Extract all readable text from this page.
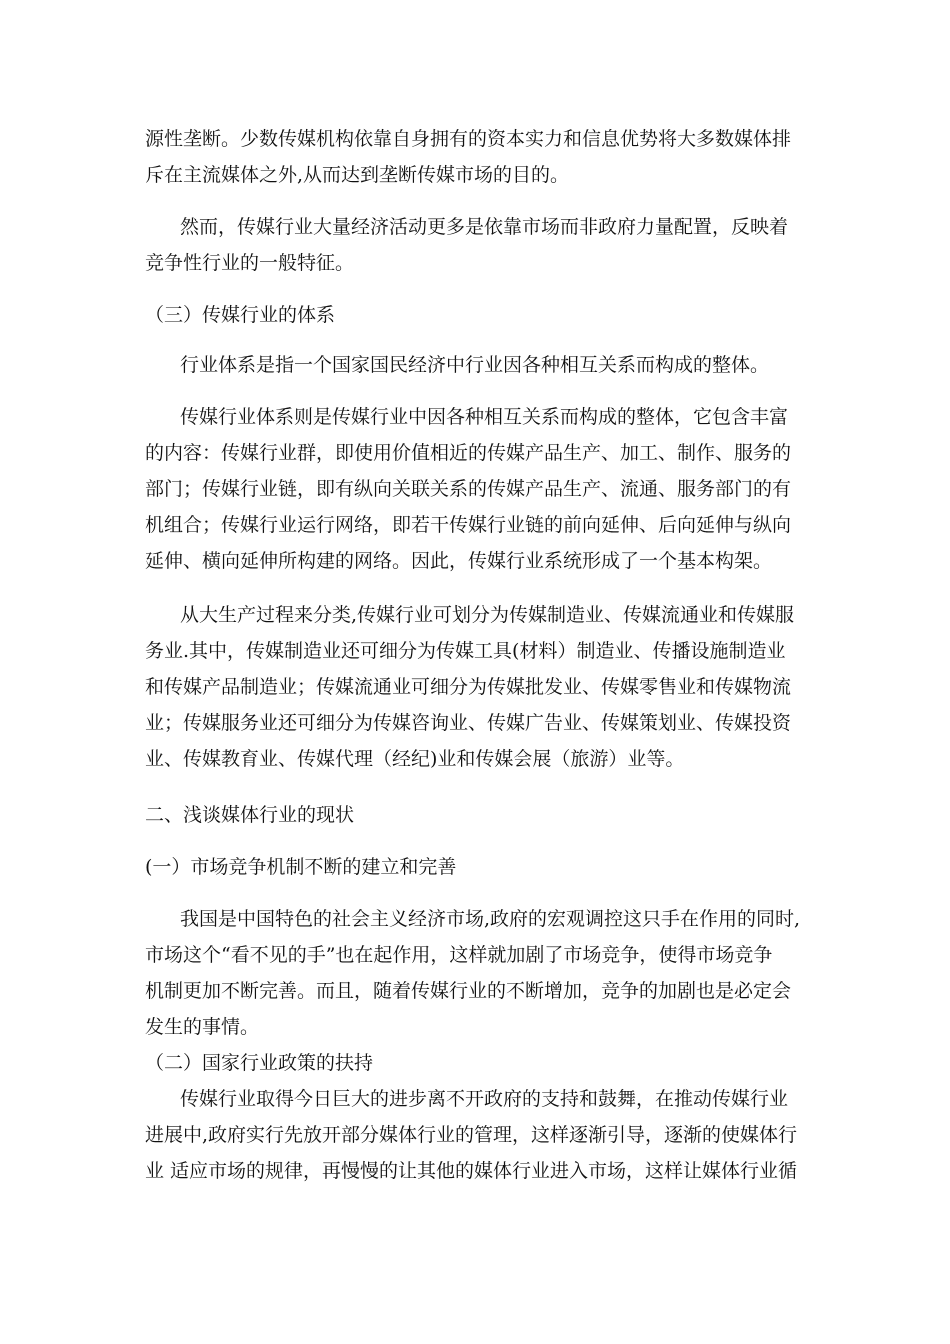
源性垄断。少数传媒机构依靠自身拥有的资本实力和信息优势将大多数媒体排
斥在主流媒体之外,从而达到垄断传媒市场的目的。
然而，传媒行业大量经济活动更多是依靠市场而非政府力量配置，反映着
竞争性行业的一般特征。
（三）传媒行业的体系
行业体系是指一个国家国民经济中行业因各种相互关系而构成的整体。
传媒行业体系则是传媒行业中因各种相互关系而构成的整体，它包含丰富
的内容：传媒行业群，即使用价值相近的传媒产品生产、加工、制作、服务的
部门；传媒行业链，即有纵向关联关系的传媒产品生产、流通、服务部门的有
机组合；传媒行业运行网络，即若干传媒行业链的前向延伸、后向延伸与纵向
延伸、横向延伸所构建的网络。因此，传媒行业系统形成了一个基本构架。
从大生产过程来分类,传媒行业可划分为传媒制造业、传媒流通业和传媒服
务业.其中，传媒制造业还可细分为传媒工具(材料）制造业、传播设施制造业
和传媒产品制造业；传媒流通业可细分为传媒批发业、传媒零售业和传媒物流
业；传媒服务业还可细分为传媒咨询业、传媒广告业、传媒策划业、传媒投资
业、传媒教育业、传媒代理（经纪)业和传媒会展（旅游）业等。
二、浅谈媒体行业的现状
(一）市场竞争机制不断的建立和完善
我国是中国特色的社会主义经济市场,政府的宏观调控这只手在作用的同时,
市场这个“看不见的手”也在起作用，这样就加剧了市场竞争，使得市场竞争
机制更加不断完善。而且，随着传媒行业的不断增加，竞争的加剧也是必定会
发生的事情。
（二）国家行业政策的扶持
传媒行业取得今日巨大的进步离不开政府的支持和鼓舞，在推动传媒行业
进展中,政府实行先放开部分媒体行业的管理，这样逐渐引导，逐渐的使媒体行
业 适应市场的规律，再慢慢的让其他的媒体行业进入市场，这样让媒体行业循
